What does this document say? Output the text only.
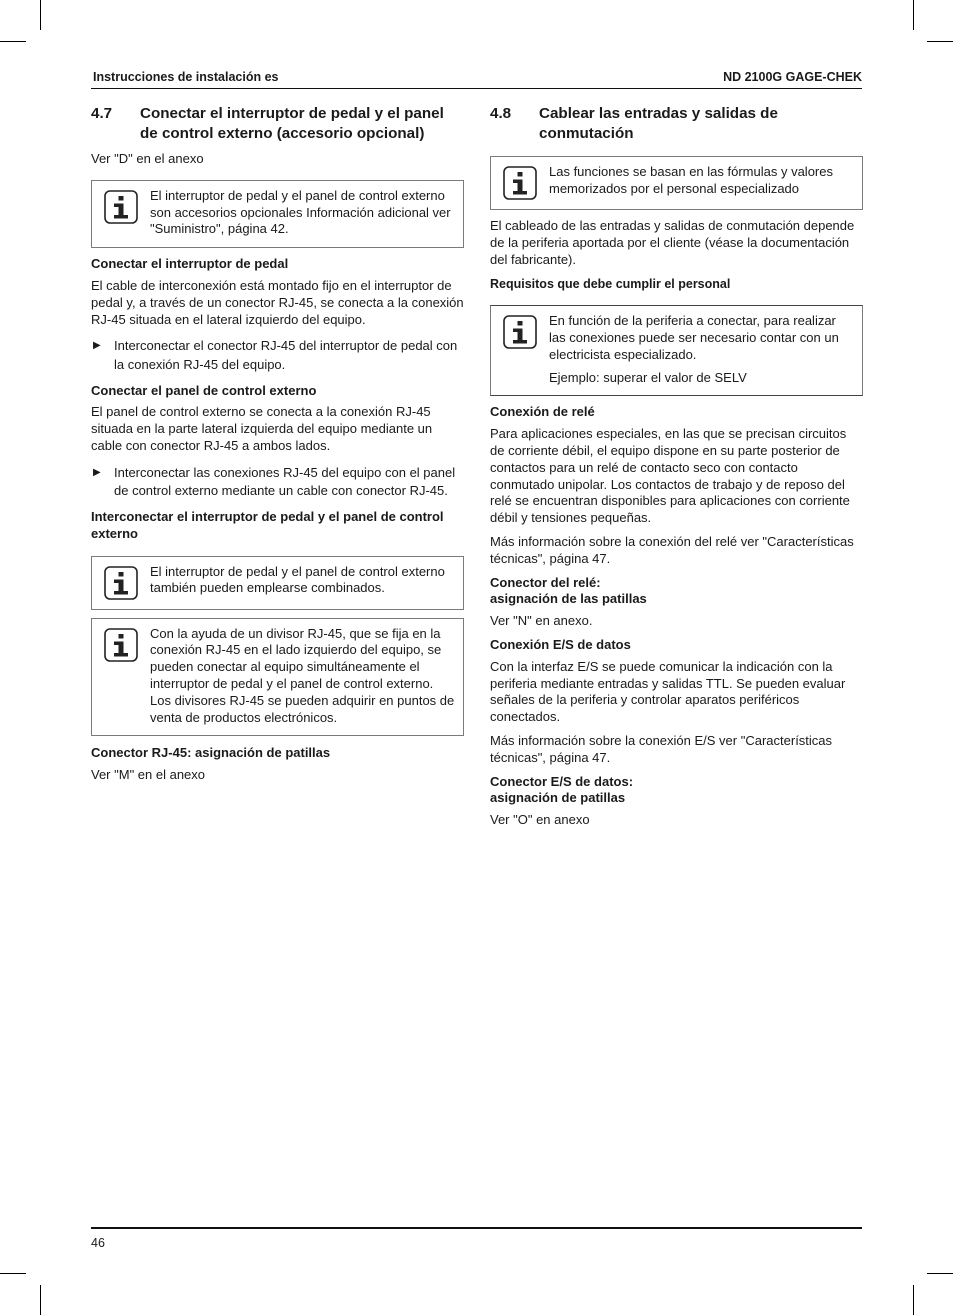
Instrucciones de instalación es	ND 2100G GAGE-CHEK
4.7	Conectar el interruptor de pedal y el panel de control externo (accesorio opcional)

Ver "D" en el anexo

El interruptor de pedal y el panel de control externo son accesorios opcionales Información adicional ver "Suministro", página 42.
Conectar el interruptor de pedal

El cable de interconexión está montado fijo en el interruptor de pedal y, a través de un conector RJ-45, se conecta a la conexión RJ-45 situada en el lateral izquierdo del equipo.

▶	Interconectar el conector RJ-45 del interruptor de pedal con la conexión RJ-45 del equipo.
Conectar el panel de control externo

El panel de control externo se conecta a la conexión RJ-45 situada en la parte lateral izquierda del equipo mediante un cable con conector RJ-45 a ambos lados.

▶	Interconectar las conexiones RJ-45 del equipo con el panel de control externo mediante un cable con conector RJ-45.
Interconectar el interruptor de pedal y el panel de control externo
El interruptor de pedal y el panel de control externo también pueden emplearse combinados.
Con la ayuda de un divisor RJ-45, que se fija en la conexión RJ-45 en el lado izquierdo del equipo, se pueden conectar al equipo simultáneamente el interruptor de pedal y el panel de control externo. Los divisores RJ-45 se pueden adquirir en puntos de venta de productos electrónicos.
Conector RJ-45: asignación de patillas

Ver "M" en el anexo

4.8	Cablear las entradas y salidas de conmutación
Las funciones se basan en las fórmulas y valores memorizados por el personal especializado

El cableado de las entradas y salidas de conmutación depende de la periferia aportada por el cliente (véase la documentación del fabricante).

Requisitos que debe cumplir el personal
En función de la periferia a conectar, para realizar las conexiones puede ser necesario contar con un electricista especializado.
Ejemplo: superar el valor de SELV
Conexión de relé

Para aplicaciones especiales, en las que se precisan circuitos de corriente débil, el equipo dispone en su parte posterior de contactos para un relé de contacto seco con contacto conmutado unipolar. Los contactos de trabajo y de reposo del relé se encuentran disponibles para aplicaciones con corriente débil y tensiones pequeñas.

Más información sobre la conexión del relé ver "Características técnicas", página 47.

Conector del relé:
asignación de las patillas

Ver "N" en anexo.

Conexión E/S de datos

Con la interfaz E/S se puede comunicar la indicación con la periferia mediante entradas y salidas TTL. Se pueden evaluar señales de la periferia y controlar aparatos periféricos conectados.

Más información sobre la conexión E/S ver "Características técnicas", página 47.

Conector E/S de datos:
asignación de patillas

Ver "O" en anexo

46
